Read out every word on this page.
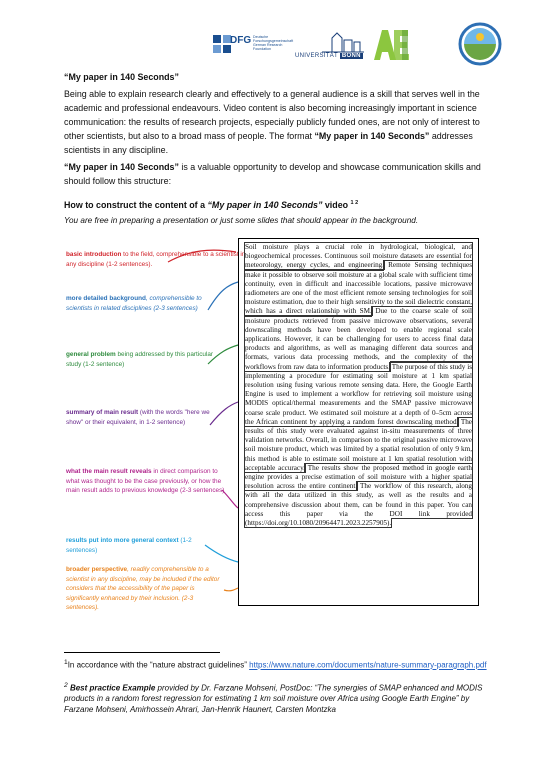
DFG Deutsche Forschungsgemeinschaft German Research Foundation
UNIVERSITÄT BONN
“My paper in 140 Seconds”
Being able to explain research clearly and effectively to a general audience is a skill that serves well in the academic and professional endeavours. Video content is also becoming increasingly important in science communication: the results of research projects, especially publicly funded ones, are not only of interest to other scientists, but also to a broad mass of people. The format “My paper in 140 Seconds” addresses scientists in any discipline.
“My paper in 140 Seconds” is a valuable opportunity to develop and showcase communication skills and should follow this structure:
How to construct the content of a “My paper in 140 Seconds” video $^{1 2}$
You are free in preparing a presentation or just some slides that should appear in the background.
basic introduction to the field, comprehensible to a scientist in any discipline (1-2 sentences).
more detailed background, comprehensible to scientists in related disciplines (2-3 sentences)
general problem being addressed by this particular study (1-2 sentence)
summary of main result (with the words "here we show" or their equivalent, in 1-2 sentence)
what the main result reveals in direct comparison to what was thought to be the case previously, or how the main result adds to previous knowledge (2-3 sentences)
results put into more general context (1-2 sentences)
broader perspective, readily comprehensible to a scientist in any discipline, may be included if the editor considers that the accessibility of the paper is significantly enhanced by their inclusion. (2-3 sentences).
Soil moisture plays a crucial role in hydrological, biological, and biogeochemical processes. Continuous soil moisture datasets are essential for meteorology, energy cycles, and engineering. Remote Sensing techniques make it possible to observe soil moisture at a global scale with sufficient time continuity, even in difficult and inaccessible locations, passive microwave radiometers are one of the most efficient remote sensing technologies for soil moisture estimation, due to their high sensitivity to the soil dielectric constant, which has a direct relationship with SM. Due to the coarse scale of soil moisture products retrieved from passive microwave observations, several downscaling methods have been developed to enable regional scale applications. However, it can be challenging for users to access final data products and algorithms, as well as managing different data sources and formats, various data processing methods, and the complexity of the workflows from raw data to information products. The purpose of this study is implementing a procedure for estimating soil moisture at 1 km spatial resolution using fusing various remote sensing data. Here, the Google Earth Engine is used to implement a workflow for retrieving soil moisture using MODIS optical/thermal measurements and the SMAP passive microwave coarse scale product. We estimated soil moisture at a depth of 0–5cm across the African continent by applying a random forest downscaling method. The results of this study were evaluated against in-situ measurements of three validation networks. Overall, in comparison to the original passive microwave soil moisture product, which was limited by a spatial resolution of only 9 km, this method is able to estimate soil moisture at 1 km spatial resolution with acceptable accuracy. The results show the proposed method in google earth engine provides a precise estimation of soil moisture with a higher spatial resolution across the entire continent. The workflow of this research, along with all the data utilized in this study, as well as the results and a comprehensive discussion about them, can be found in this paper. You can access this paper via the DOI link provided (https://doi.org/10.1080/20964471.2023.2257905).
$^1$In accordance with the “nature abstract guidelines” https://www.nature.com/documents/nature-summary-paragraph.pdf
$^2$ Best practice Example provided by Dr. Farzane Mohseni, PostDoc: “The synergies of SMAP enhanced and MODIS products in a random forest regression for estimating 1 km soil moisture over Africa using Google Earth Engine” by Farzane Mohseni, Amirhossein Ahrari, Jan-Henrik Haunert, Carsten Montzka
